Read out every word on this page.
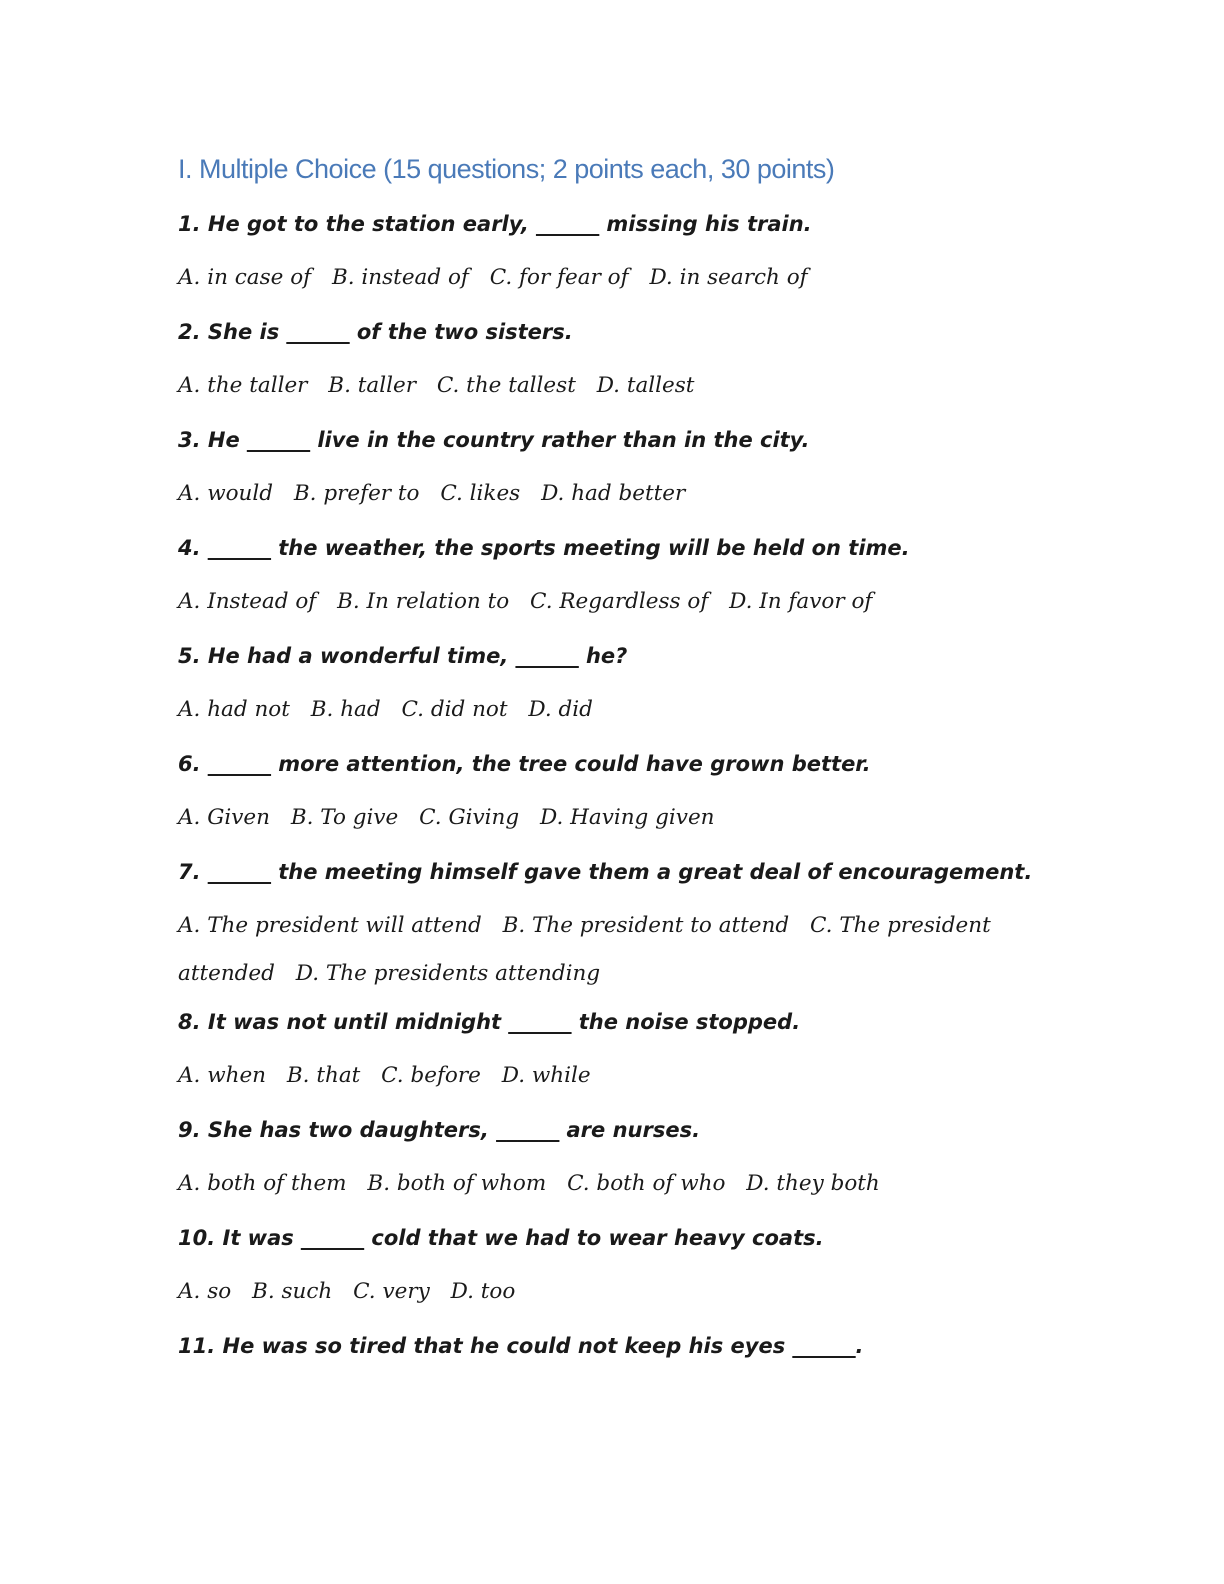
I. Multiple Choice (15 questions; 2 points each, 30 points)
1. He got to the station early, ______ missing his train.
A. in case of B. instead of C. for fear of D. in search of
2. She is ______ of the two sisters.
A. the taller B. taller C. the tallest D. tallest
3. He ______ live in the country rather than in the city.
A. would B. prefer to C. likes D. had better
4. ______ the weather, the sports meeting will be held on time.
A. Instead of B. In relation to C. Regardless of D. In favor of
5. He had a wonderful time, ______ he?
A. had not B. had C. did not D. did
6. ______ more attention, the tree could have grown better.
A. Given B. To give C. Giving D. Having given
7. ______ the meeting himself gave them a great deal of encouragement.
A. The president will attend B. The president to attend C. The president attended D. The presidents attending
8. It was not until midnight ______ the noise stopped.
A. when B. that C. before D. while
9. She has two daughters, ______ are nurses.
A. both of them B. both of whom C. both of who D. they both
10. It was ______ cold that we had to wear heavy coats.
A. so B. such C. very D. too
11. He was so tired that he could not keep his eyes ______.
